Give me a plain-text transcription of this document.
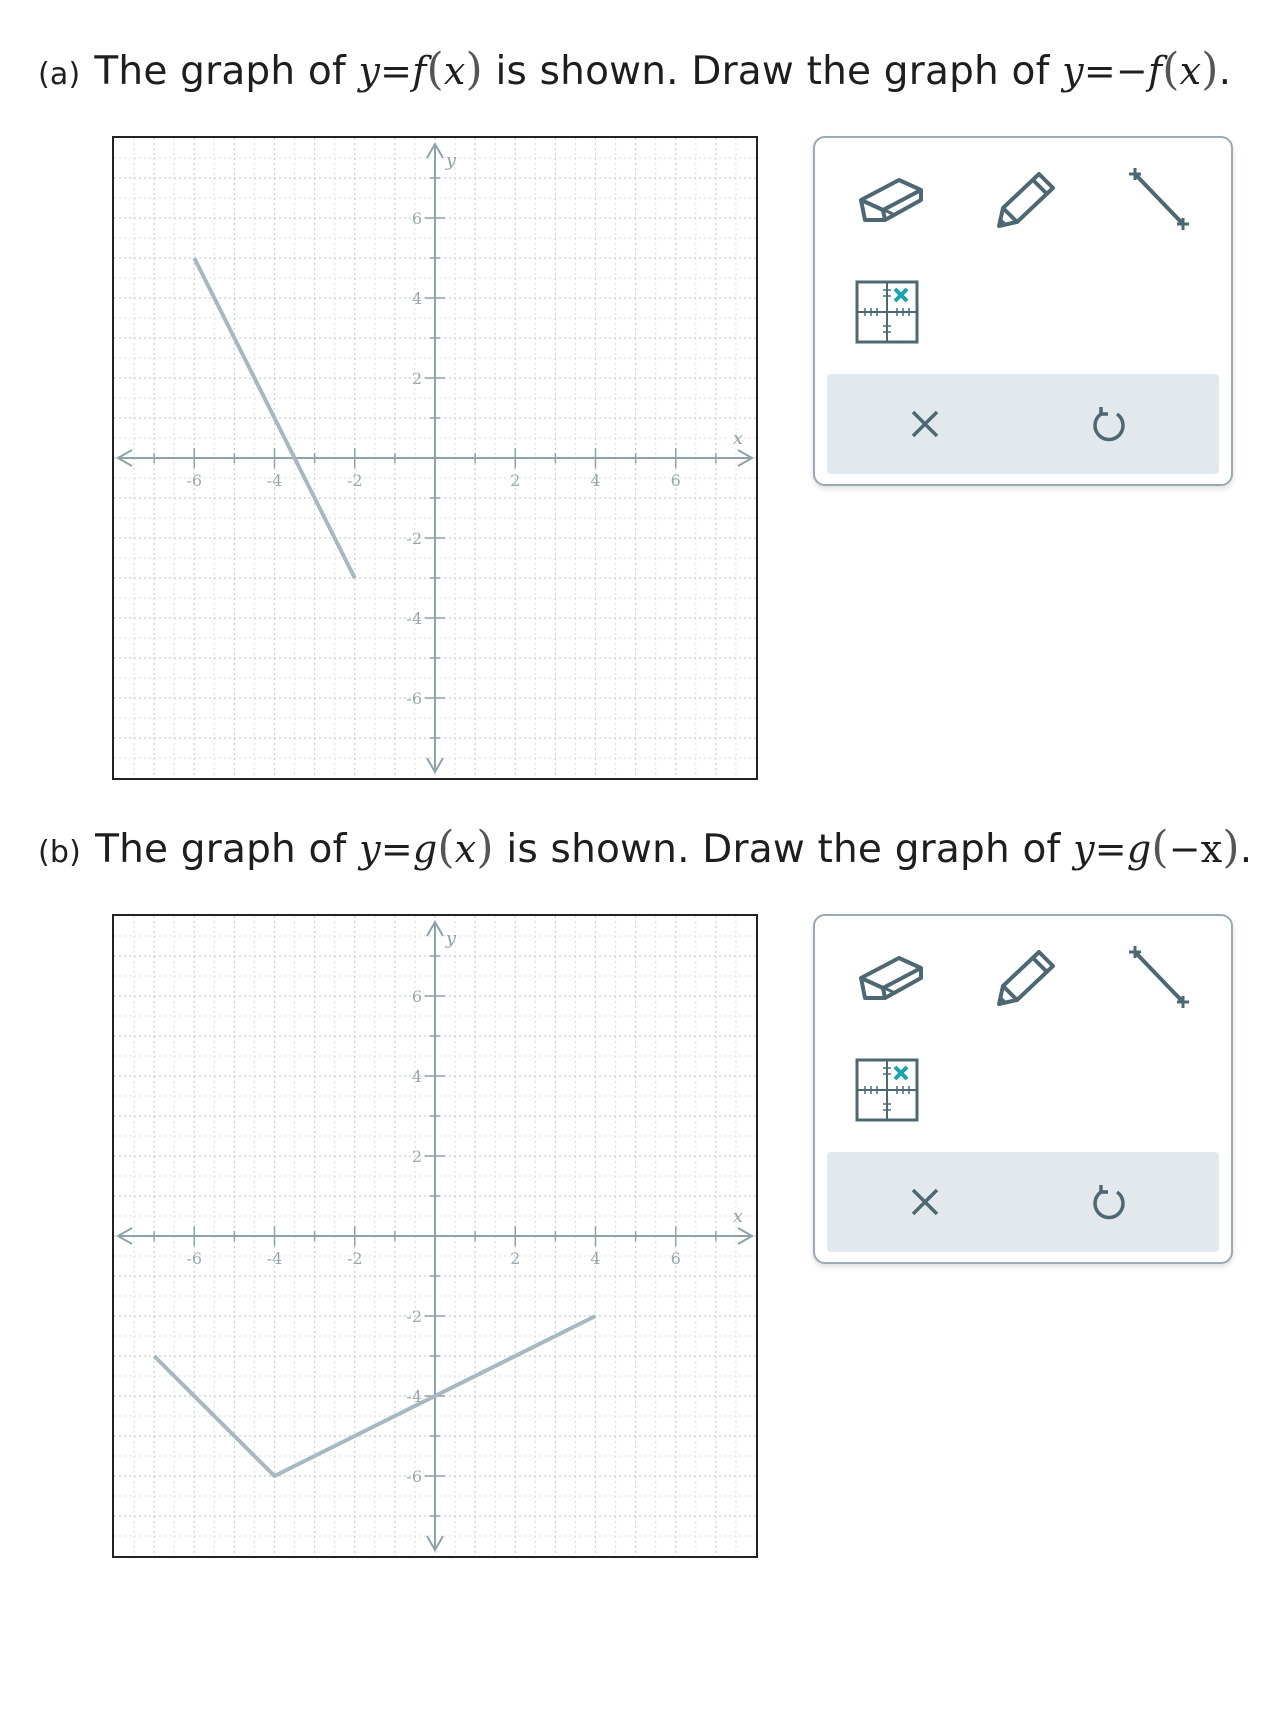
(a) The graph of y=f(x) is shown. Draw the graph of y=−f(x).
-6	-4	-2	2	4	6
6
4
2
-2
-4
-6
x
y
(b) The graph of y=g(x) is shown. Draw the graph of y=g(−x).
-6	-4	-2	2	4	6
6
4
2
-2
-4
-6
x
y
